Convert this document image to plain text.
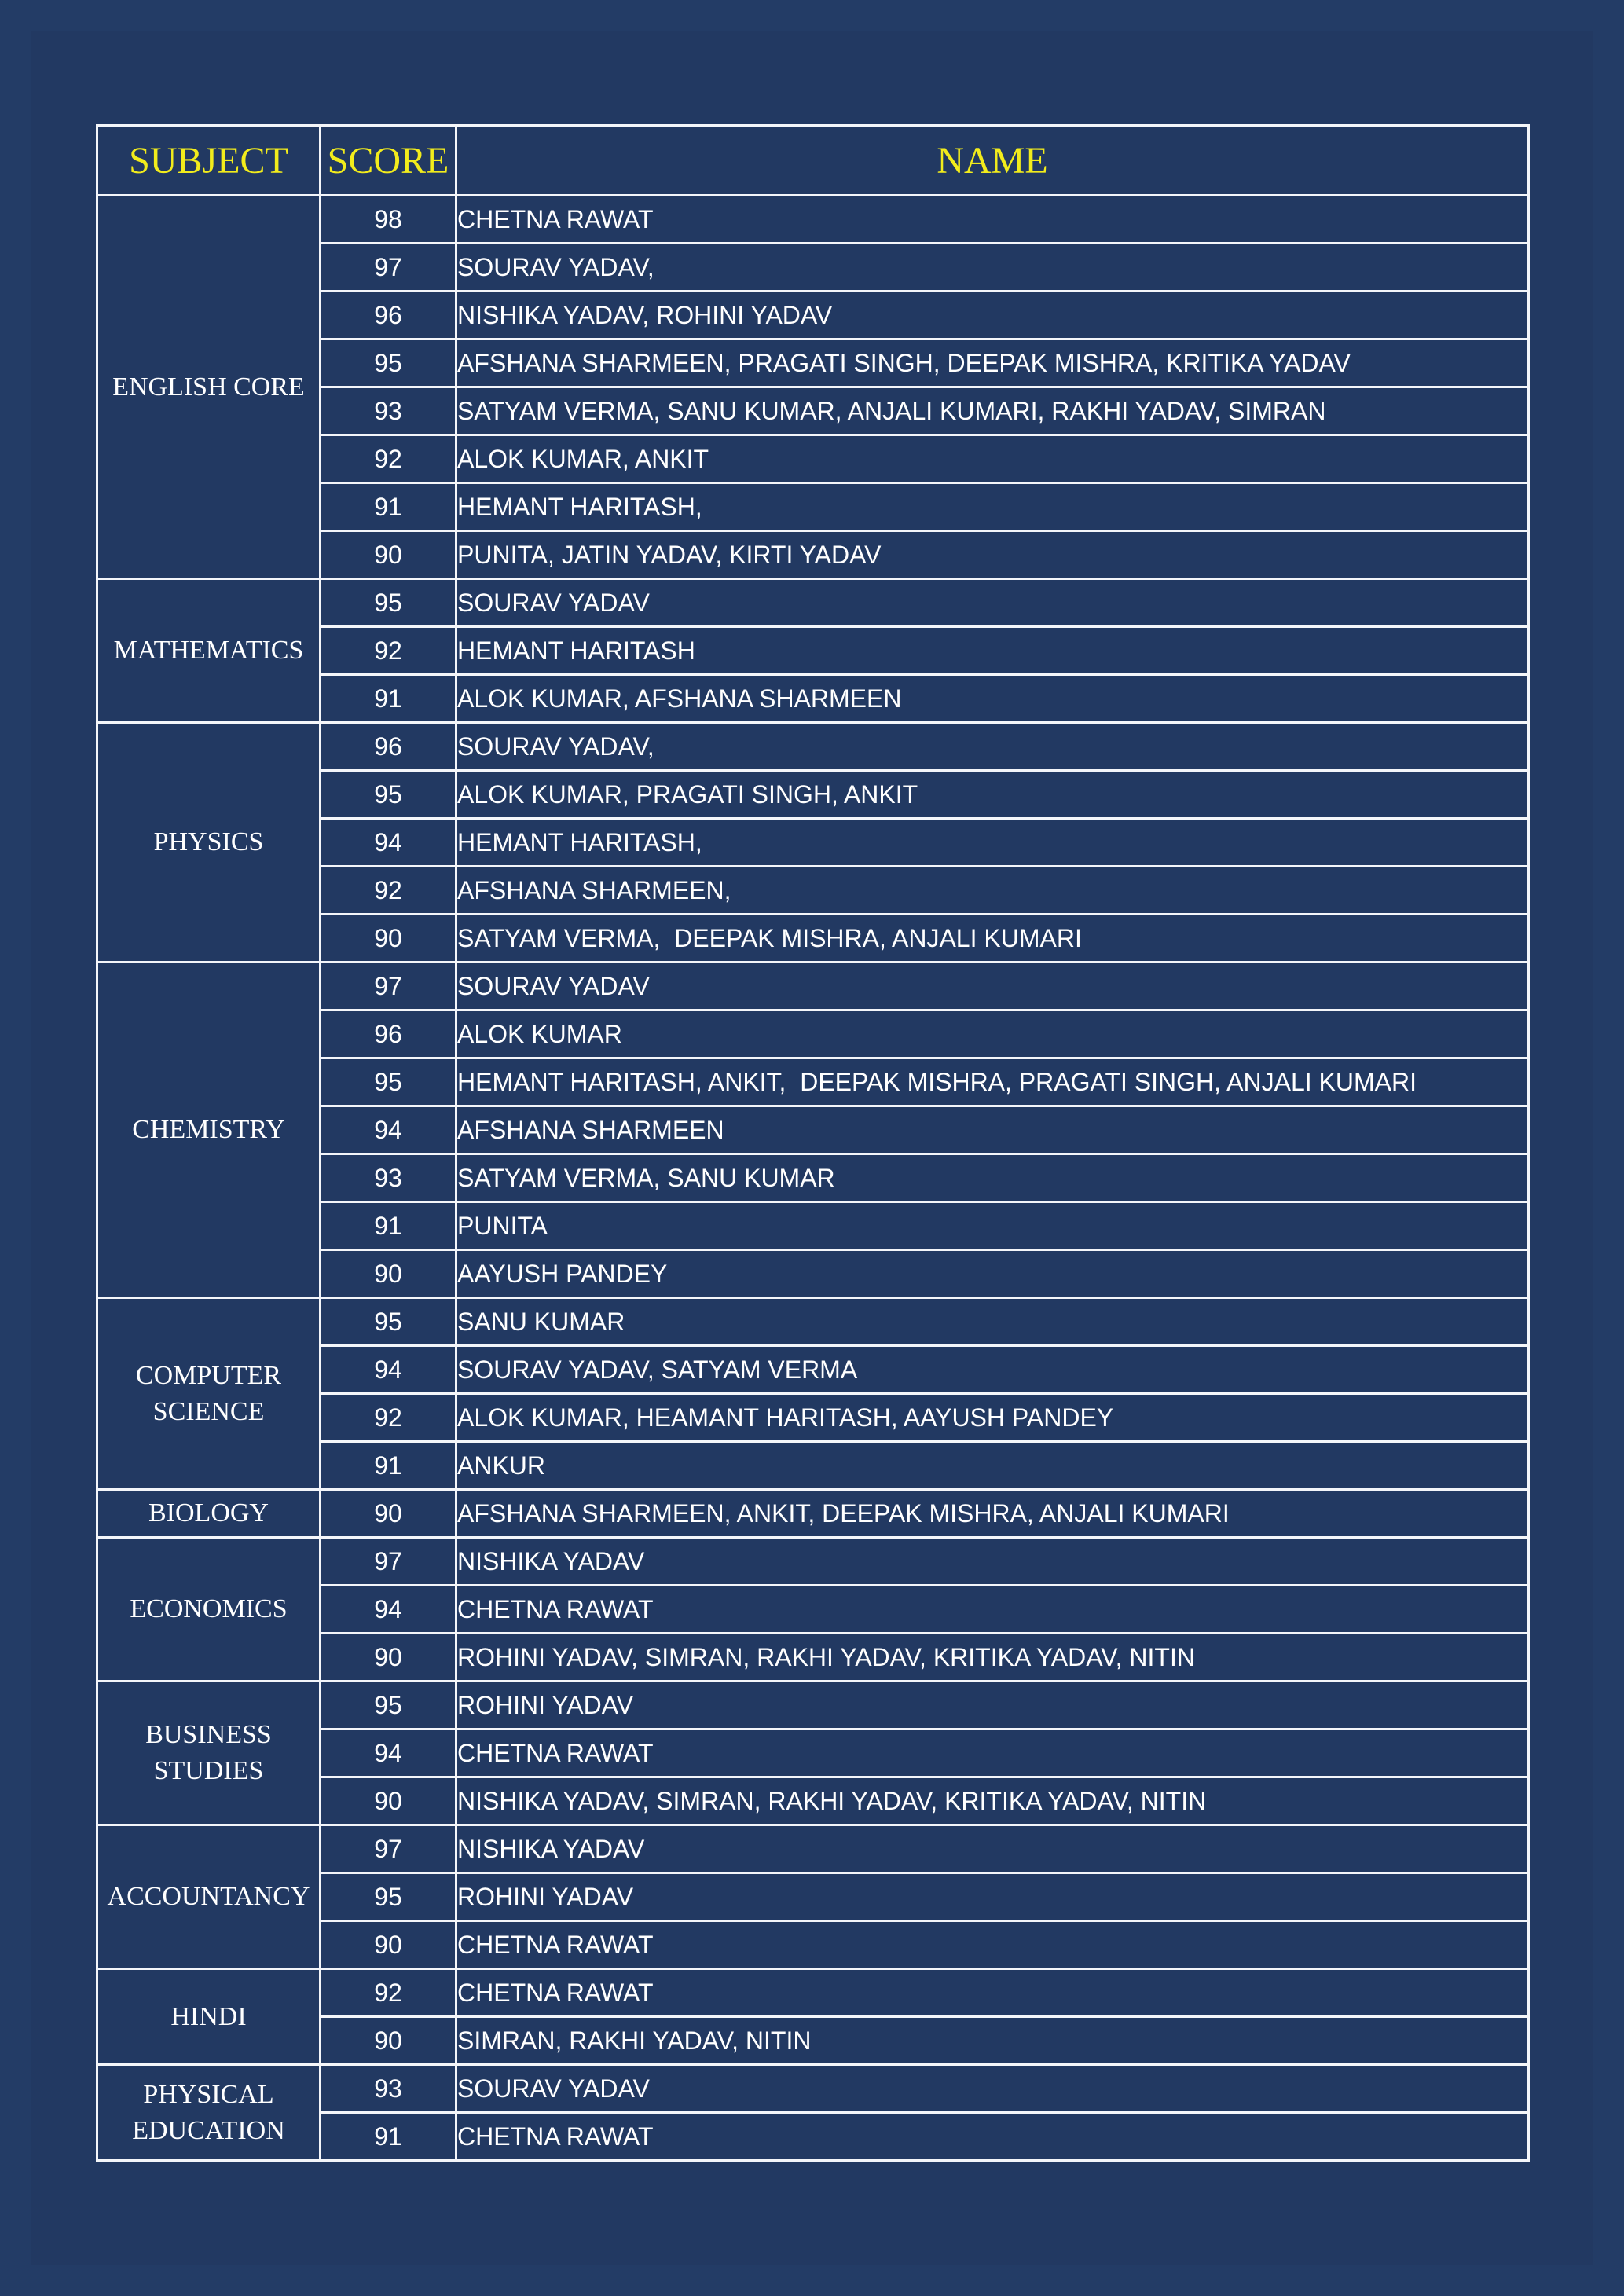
SUBJECT	SCORE	NAME

ENGLISH CORE	98	CHETNA RAWAT
	97	SOURAV YADAV,
	96	NISHIKA YADAV, ROHINI YADAV
	95	AFSHANA SHARMEEN, PRAGATI SINGH, DEEPAK MISHRA, KRITIKA YADAV
	93	SATYAM VERMA, SANU KUMAR, ANJALI KUMARI, RAKHI YADAV, SIMRAN
	92	ALOK KUMAR, ANKIT
	91	HEMANT HARITASH,
	90	PUNITA, JATIN YADAV, KIRTI YADAV

MATHEMATICS	95	SOURAV YADAV
	92	HEMANT HARITASH
	91	ALOK KUMAR, AFSHANA SHARMEEN

PHYSICS	96	SOURAV YADAV,
	95	ALOK KUMAR, PRAGATI SINGH, ANKIT
	94	HEMANT HARITASH,
	92	AFSHANA SHARMEEN,
	90	SATYAM VERMA,  DEEPAK MISHRA, ANJALI KUMARI

CHEMISTRY	97	SOURAV YADAV
	96	ALOK KUMAR
	95	HEMANT HARITASH, ANKIT,  DEEPAK MISHRA, PRAGATI SINGH, ANJALI KUMARI
	94	AFSHANA SHARMEEN
	93	SATYAM VERMA, SANU KUMAR
	91	PUNITA
	90	AAYUSH PANDEY

COMPUTER
SCIENCE	95	SANU KUMAR
	94	SOURAV YADAV, SATYAM VERMA
	92	ALOK KUMAR, HEAMANT HARITASH, AAYUSH PANDEY
	91	ANKUR

BIOLOGY	90	AFSHANA SHARMEEN, ANKIT, DEEPAK MISHRA, ANJALI KUMARI

ECONOMICS	97	NISHIKA YADAV
	94	CHETNA RAWAT
	90	ROHINI YADAV, SIMRAN, RAKHI YADAV, KRITIKA YADAV, NITIN

BUSINESS
STUDIES	95	ROHINI YADAV
	94	CHETNA RAWAT
	90	NISHIKA YADAV, SIMRAN, RAKHI YADAV, KRITIKA YADAV, NITIN

ACCOUNTANCY	97	NISHIKA YADAV
	95	ROHINI YADAV
	90	CHETNA RAWAT

HINDI	92	CHETNA RAWAT
	90	SIMRAN, RAKHI YADAV, NITIN

PHYSICAL
EDUCATION	93	SOURAV YADAV
	91	CHETNA RAWAT
